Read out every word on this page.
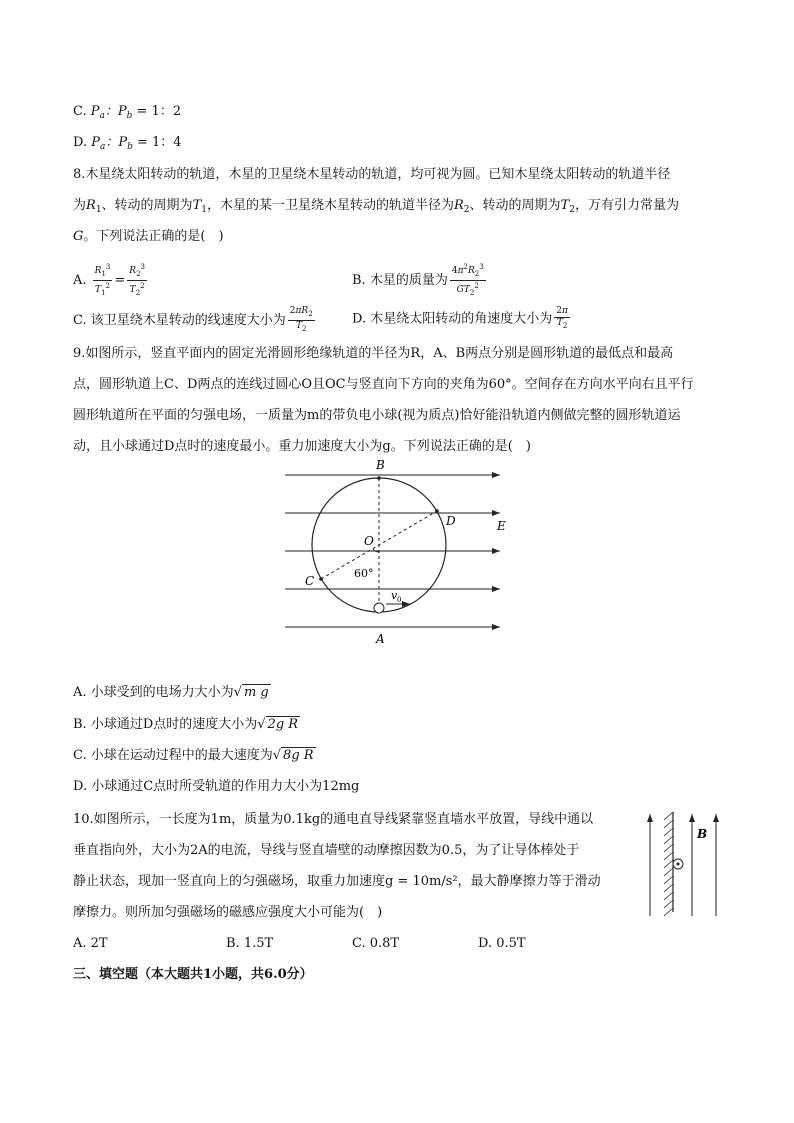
C. $P_a$：$P_b = 1$：2
D. $P_a$：$P_b = 1$：4
8.木星绕太阳转动的轨道，木星的卫星绕木星转动的轨道，均可视为圆。已知木星绕太阳转动的轨道半径
为$R_1$、转动的周期为$T_1$，木星的某一卫星绕木星转动的轨道半径为$R_2$、转动的周期为$T_2$，万有引力常量为
G。下列说法正确的是(　)
A. $\frac{R_1^3}{T_1^2} = \frac{R_2^3}{T_2^2}$	B. 木星的质量为 $\frac{4\pi^2R_2^3}{GT_2^2}$
C. 该卫星绕木星转动的线速度大小为 $\frac{2\pi R_2}{T_2}$	D. 木星绕太阳转动的角速度大小为 $\frac{2\pi}{T_2}$
9.如图所示，竖直平面内的固定光滑圆形绝缘轨道的半径为R，A、B两点分别是圆形轨道的最低点和最高
点，圆形轨道上C、D两点的连线过圆心O且OC与竖直向下方向的夹角为60°。空间存在方向水平向右且平行
圆形轨道所在平面的匀强电场，一质量为m的带负电小球(视为质点)恰好能沿轨道内侧做完整的圆形轨道运
动，且小球通过D点时的速度最小。重力加速度大小为g。下列说法正确的是(　)
B
D	E
O
C
60°
v 0
A
A. 小球受到的电场力大小为√ m g
B. 小球通过D点时的速度大小为√ 2g R
C. 小球在运动过程中的最大速度为√ 8g R
D. 小球通过C点时所受轨道的作用力大小为12mg
10.如图所示，一长度为1m，质量为0.1kg的通电直导线紧靠竖直墙水平放置，导线中通以
垂直指向外，大小为2A的电流，导线与竖直墙壁的动摩擦因数为0.5，为了让导体棒处于
静止状态，现加一竖直向上的匀强磁场，取重力加速度g = 10m/s²，最大静摩擦力等于滑动
摩擦力。则所加匀强磁场的磁感应强度大小可能为(　)
B
A. 2T	B. 1.5T	C. 0.8T	D. 0.5T
三、填空题（本大题共1小题，共6.0分）
